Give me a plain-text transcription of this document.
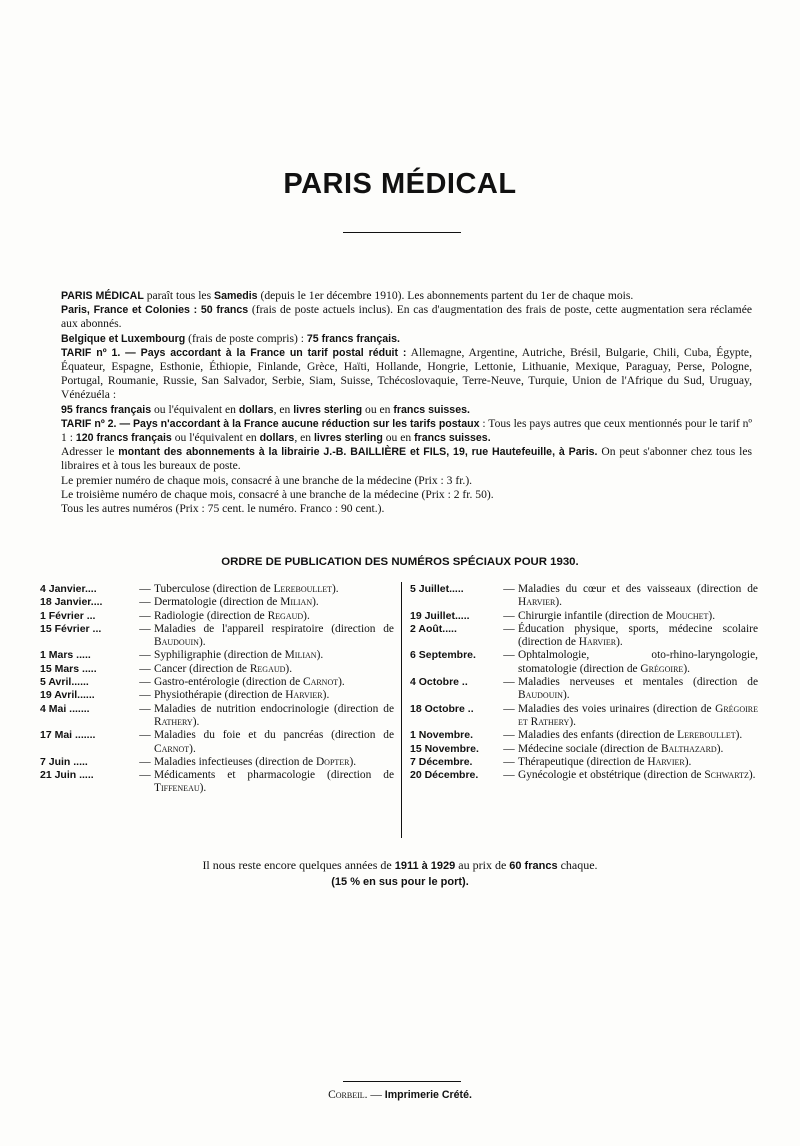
PARIS MÉDICAL

PARIS MÉDICAL paraît tous les Samedis (depuis le 1er décembre 1910). Les abonnements partent du 1er de chaque mois.

Paris, France et Colonies : 50 francs (frais de poste actuels inclus). En cas d'augmentation des frais de poste, cette augmentation sera réclamée aux abonnés.

Belgique et Luxembourg (frais de poste compris) : 75 francs français.

TARIF nº 1. — Pays accordant à la France un tarif postal réduit : Allemagne, Argentine, Autriche, Brésil, Bulgarie, Chili, Cuba, Égypte, Équateur, Espagne, Esthonie, Éthiopie, Finlande, Grèce, Haïti, Hollande, Hongrie, Lettonie, Lithuanie, Mexique, Paraguay, Perse, Pologne, Portugal, Roumanie, Russie, San Salvador, Serbie, Siam, Suisse, Tchécoslovaquie, Terre-Neuve, Turquie, Union de l'Afrique du Sud, Uruguay, Vénézuéla :

95 francs français ou l'équivalent en dollars, en livres sterling ou en francs suisses.

TARIF nº 2. — Pays n'accordant à la France aucune réduction sur les tarifs postaux : Tous les pays autres que ceux mentionnés pour le tarif nº 1 : 120 francs français ou l'équivalent en dollars, en livres sterling ou en francs suisses.

Adresser le montant des abonnements à la librairie J.-B. BAILLIÈRE et FILS, 19, rue Hautefeuille, à Paris. On peut s'abonner chez tous les libraires et à tous les bureaux de poste.

Le premier numéro de chaque mois, consacré à une branche de la médecine (Prix : 3 fr.).

Le troisième numéro de chaque mois, consacré à une branche de la médecine (Prix : 2 fr. 50).

Tous les autres numéros (Prix : 75 cent. le numéro. Franco : 90 cent.).

ORDRE DE PUBLICATION DES NUMÉROS SPÉCIAUX POUR 1930.
4 Janvier....	— Tuberculose (direction de Lereboullet).
18 Janvier....	— Dermatologie (direction de Milian).
1 Février ...	— Radiologie (direction de Regaud).
15 Février ...	— Maladies de l'appareil respiratoire (direction de Baudouin).
1 Mars .....	— Syphiligraphie (direction de Milian).
15 Mars .....	— Cancer (direction de Regaud).
5 Avril......	— Gastro-entérologie (direction de Carnot).
19 Avril......	— Physiothérapie (direction de Harvier).
4 Mai .......	— Maladies de nutrition endocrinologie (direction de Rathery).
17 Mai .......	— Maladies du foie et du pancréas (direction de Carnot).
7 Juin .....	— Maladies infectieuses (direction de Dopter).
21 Juin .....	— Médicaments et pharmacologie (direction de Tiffeneau).
5 Juillet.....	— Maladies du cœur et des vaisseaux (direction de Harvier).
19 Juillet.....	— Chirurgie infantile (direction de Mouchet).
2 Août.....	— Éducation physique, sports, médecine scolaire (direction de Harvier).
6 Septembre.	— Ophtalmologie, oto-rhino-laryngologie, stomatologie (direction de Grégoire).
4 Octobre ..	— Maladies nerveuses et mentales (direction de Baudouin).
18 Octobre ..	— Maladies des voies urinaires (direction de Grégoire et Rathery).
1 Novembre.	— Maladies des enfants (direction de Lereboullet).
15 Novembre.	— Médecine sociale (direction de Balthazard).
7 Décembre.	— Thérapeutique (direction de Harvier).
20 Décembre.	— Gynécologie et obstétrique (direction de Schwartz).
Il nous reste encore quelques années de 1911 à 1929 au prix de 60 francs chaque.
(15 % en sus pour le port).
Corbeil. — Imprimerie Crété.
